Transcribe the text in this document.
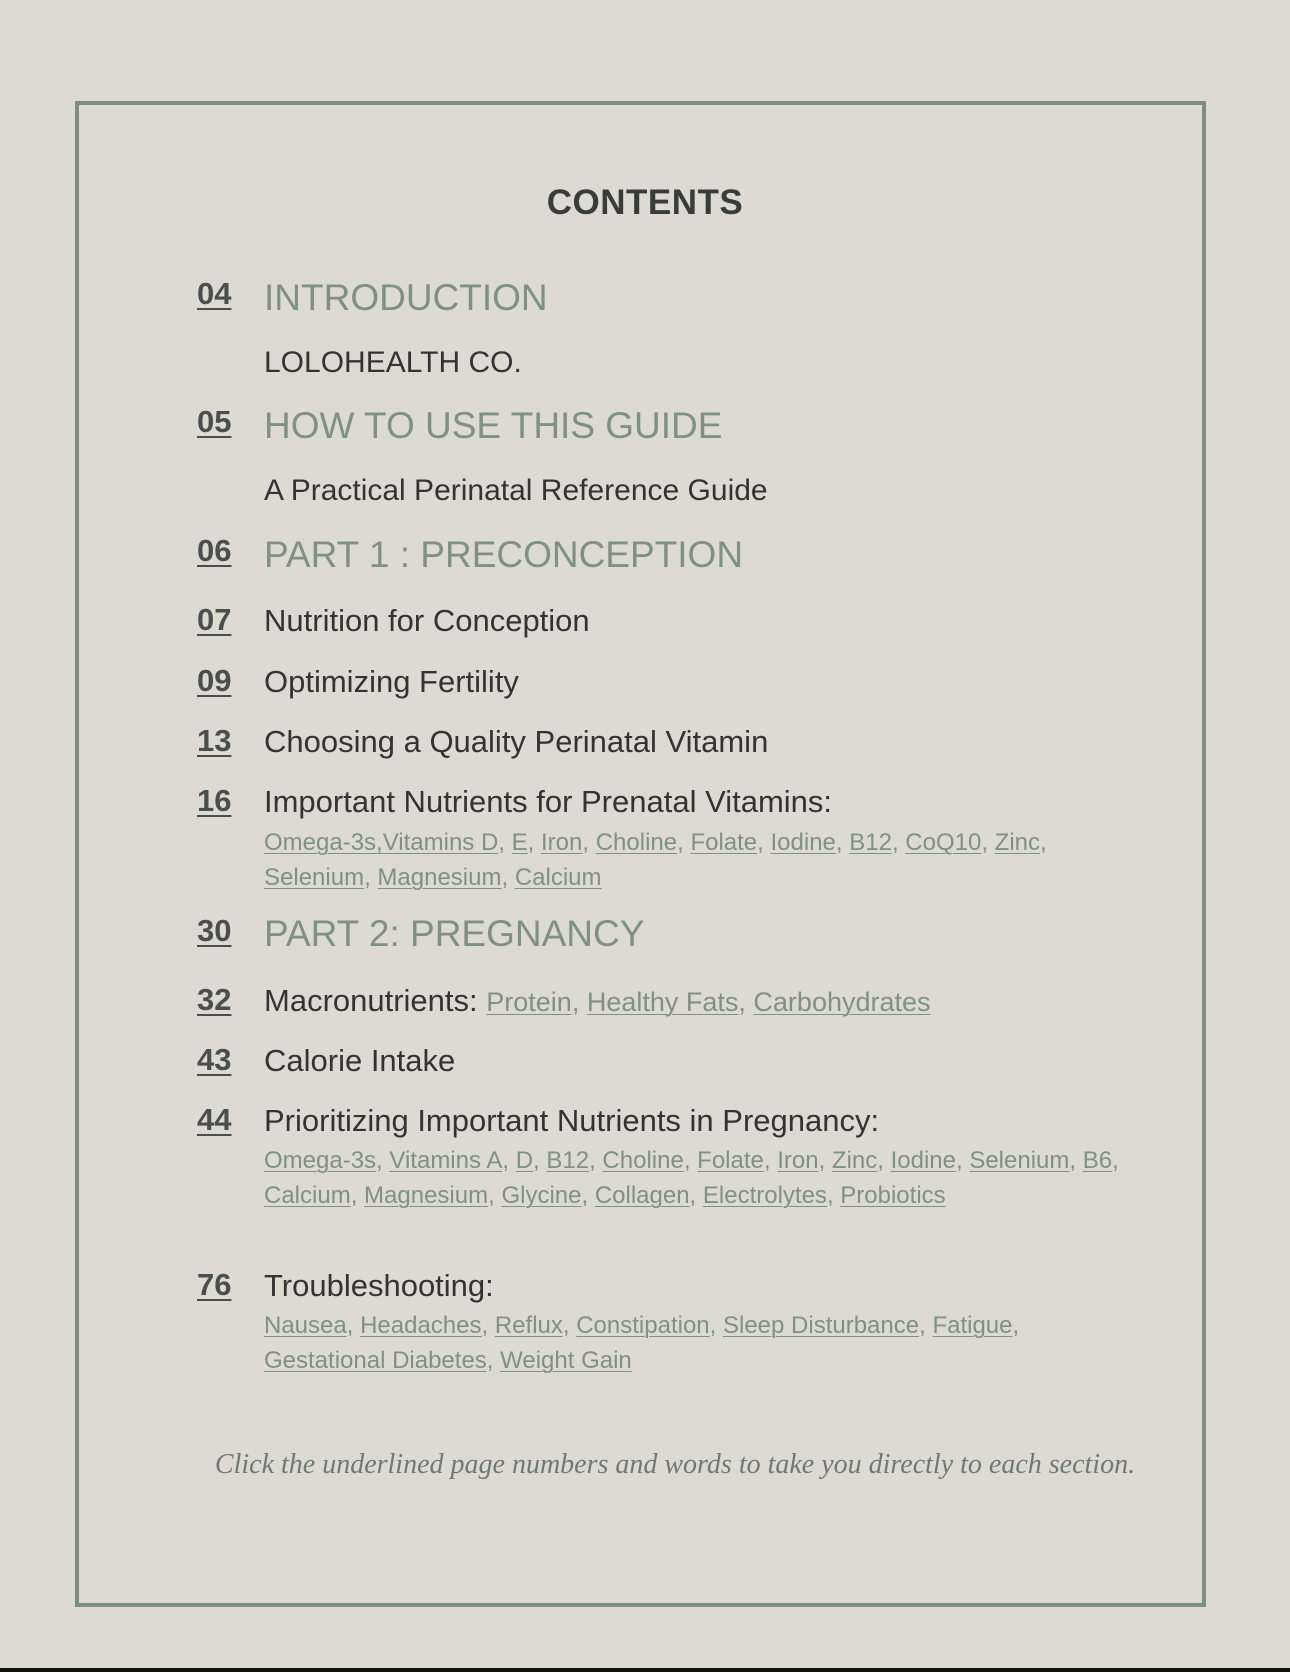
CONTENTS
04 INTRODUCTION
LOLOHEALTH CO.
05 HOW TO USE THIS GUIDE
A Practical Perinatal Reference Guide
06 PART 1 : PRECONCEPTION
07 Nutrition for Conception
09 Optimizing Fertility
13 Choosing a Quality Perinatal Vitamin
16 Important Nutrients for Prenatal Vitamins:
Omega-3s,Vitamins D, E, Iron, Choline, Folate, Iodine, B12, CoQ10, Zinc, Selenium, Magnesium, Calcium
30 PART 2: PREGNANCY
32 Macronutrients: Protein, Healthy Fats, Carbohydrates
43 Calorie Intake
44 Prioritizing Important Nutrients in Pregnancy:
Omega-3s, Vitamins A, D, B12, Choline, Folate, Iron, Zinc, Iodine, Selenium, B6, Calcium, Magnesium, Glycine, Collagen, Electrolytes, Probiotics
76 Troubleshooting:
Nausea, Headaches, Reflux, Constipation, Sleep Disturbance, Fatigue, Gestational Diabetes, Weight Gain
Click the underlined page numbers and words to take you directly to each section.
